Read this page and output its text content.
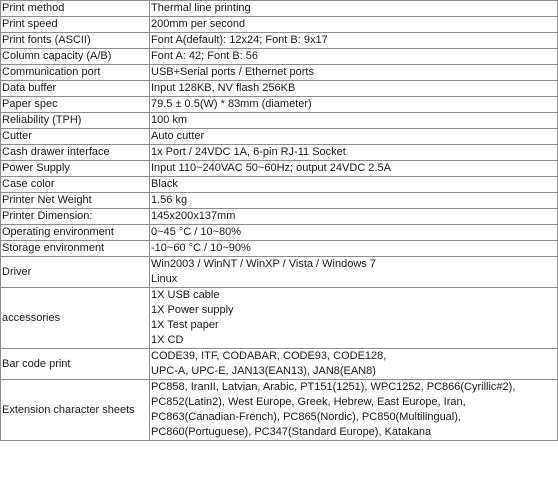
Print method	Thermal line printing

Print speed	200mm per second

Print fonts (ASCII)	Font A(default): 12x24; Font B: 9x17

Column capacity (A/B)	Font A: 42; Font B: 56

Communication port	USB+Serial ports / Ethernet ports

Data buffer	Input 128KB, NV flash 256KB

Paper spec	79.5 ± 0.5(W) * 83mm (diameter)

Reliability (TPH)	100 km

Cutter	Auto cutter

Cash drawer interface	1x Port / 24VDC 1A, 6-pin RJ-11 Socket

Power Supply	Input 110~240VAC 50~60Hz; output 24VDC 2.5A

Case color	Black

Printer Net Weight	1.56 kg

Printer Dimension:	145x200x137mm

Operating environment	0~45 °C / 10~80%

Storage environment	-10~60 °C / 10~90%

Driver	Win2003 / WinNT / WinXP / Vista / Windows 7
Linux

accessories	1X USB cable
1X Power supply
1X Test paper
1X CD

Bar code print	CODE39, ITF, CODABAR, CODE93, CODE128,
UPC-A, UPC-E, JAN13(EAN13), JAN8(EAN8)

Extension character sheets	PC858, IranII, Latvian, Arabic, PT151(1251), WPC1252, PC866(Cyrillic#2),
PC852(Latin2), West Europe, Greek, Hebrew, East Europe, Iran,
PC863(Canadian-French), PC865(Nordic), PC850(Multilingual),
PC860(Portuguese), PC347(Standard Europe), Katakana
